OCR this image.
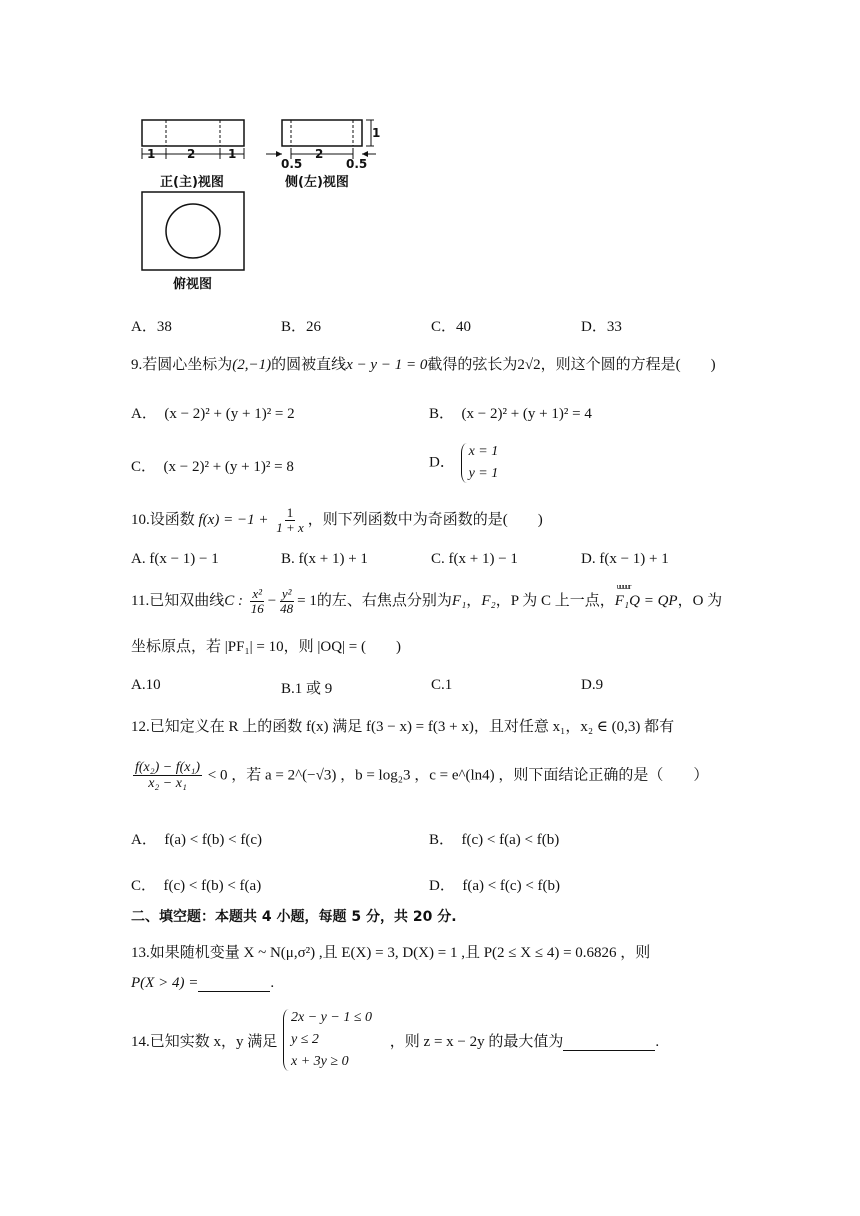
1	2	1
1
0.5
2
0.5
正(主)视图	侧(左)视图
俯视图
A．38	B．26	C．40	D．33
9.若圆心坐标为(2,−1)的圆被直线x − y − 1 = 0截得的弦长为2√2，则这个圆的方程是(　　)
A．　(x − 2)² + (y + 1)² = 2	B．　(x − 2)² + (y + 1)² = 4
C．　(x − 2)² + (y + 1)² = 8	D．
x = 1
y = 1
10.设函数 $f(x) = -1 + \frac{1}{1 + x}$ ，则下列函数中为奇函数的是(　　)
A. f(x − 1) − 1	B. f(x + 1) + 1	C. f(x + 1) − 1	D. f(x − 1) + 1
11.已知双曲线C : $\frac{\text{x²}}{16} - \frac{\text{y²}}{48} = 1$的左、右焦点分别为F₁，F₂，P 为 C 上一点，
uuuur
F₁Q = QP，O 为
坐标原点，若 |PF₁| = 10，则 |OQ| = (　　)
A.10	B.1 或 9	C.1	D.9
12.已知定义在 R 上的函数 f(x) 满足 f(3 − x) = f(3 + x)，且对任意 x₁，x₂ ∈ (0,3) 都有
$\frac{\text{f(x₂) − f(x₁)}}{\text{x₂ − x₁}} < 0$ ，若 a = 2^(−√3) ，b = log₂3 ，c = e^(ln4) ，则下面结论正确的是（　　）
A．　f(a) < f(b) < f(c)	B．　f(c) < f(a) < f(b)
C．　f(c) < f(b) < f(a)	D．　f(a) < f(c) < f(b)
二、填空题：本题共 4 小题，每题 5 分，共 20 分.
13.如果随机变量 X ~ N(μ,σ²) ,且 E(X) = 3, D(X) = 1 ,且 P(2 ≤ X ≤ 4) = 0.6826 ，则
P(X > 4) =	.
14.已知实数 x，y 满足
2x − y − 1 ≤ 0
y ≤ 2
x + 3y ≥ 0
，则 z = x − 2y 的最大值为	.
